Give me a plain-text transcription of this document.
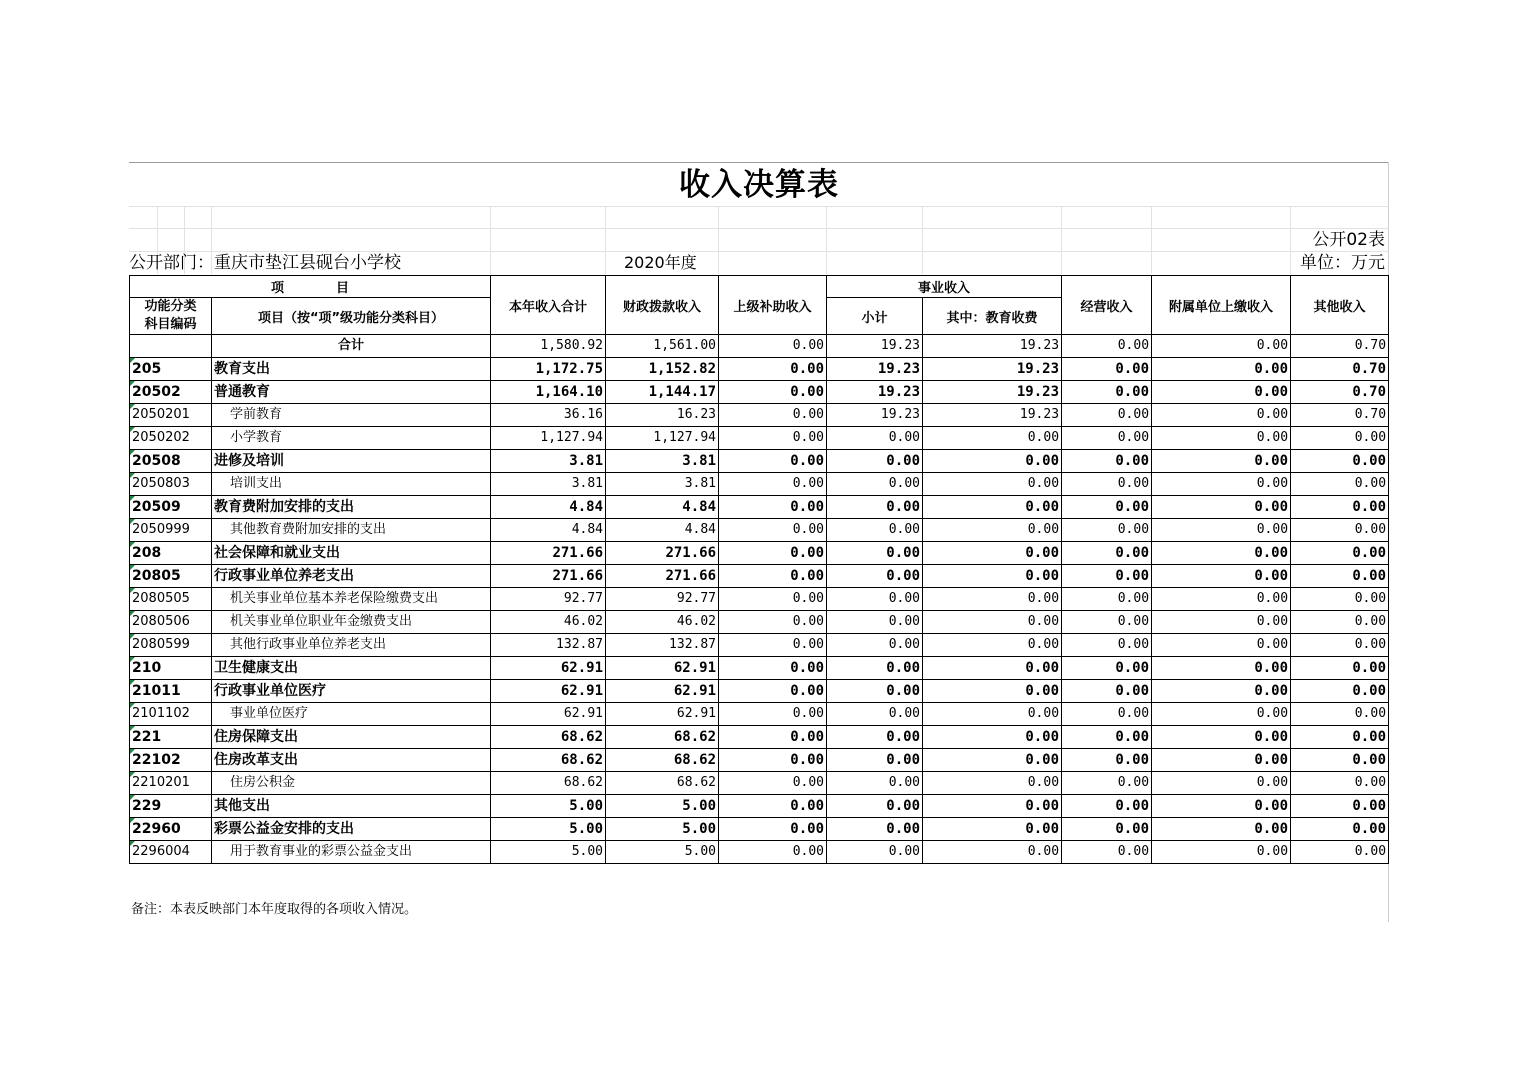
收入决算表
公开02表
公开部门：重庆市垫江县砚台小学校	2020年度	单位：万元
项　　　　目		本年收入合计	财政拨款收入	上级补助收入	事业收入		经营收入	附属单位上缴收入	其他收入
功能分类
科目编码	项目（按“项”级功能分类科目）								
					小计	其中：教育收费			

	合计	1,580.92	1,561.00	0.00	19.23	19.23	0.00	0.00	0.70
205	教育支出	1,172.75	1,152.82	0.00	19.23	19.23	0.00	0.00	0.70
20502	普通教育	1,164.10	1,144.17	0.00	19.23	19.23	0.00	0.00	0.70
2050201	学前教育	36.16	16.23	0.00	19.23	19.23	0.00	0.00	0.70
2050202	小学教育	1,127.94	1,127.94	0.00	0.00	0.00	0.00	0.00	0.00
20508	进修及培训	3.81	3.81	0.00	0.00	0.00	0.00	0.00	0.00
2050803	培训支出	3.81	3.81	0.00	0.00	0.00	0.00	0.00	0.00
20509	教育费附加安排的支出	4.84	4.84	0.00	0.00	0.00	0.00	0.00	0.00
2050999	其他教育费附加安排的支出	4.84	4.84	0.00	0.00	0.00	0.00	0.00	0.00
208	社会保障和就业支出	271.66	271.66	0.00	0.00	0.00	0.00	0.00	0.00
20805	行政事业单位养老支出	271.66	271.66	0.00	0.00	0.00	0.00	0.00	0.00
2080505	机关事业单位基本养老保险缴费支出	92.77	92.77	0.00	0.00	0.00	0.00	0.00	0.00
2080506	机关事业单位职业年金缴费支出	46.02	46.02	0.00	0.00	0.00	0.00	0.00	0.00
2080599	其他行政事业单位养老支出	132.87	132.87	0.00	0.00	0.00	0.00	0.00	0.00
210	卫生健康支出	62.91	62.91	0.00	0.00	0.00	0.00	0.00	0.00
21011	行政事业单位医疗	62.91	62.91	0.00	0.00	0.00	0.00	0.00	0.00
2101102	事业单位医疗	62.91	62.91	0.00	0.00	0.00	0.00	0.00	0.00
221	住房保障支出	68.62	68.62	0.00	0.00	0.00	0.00	0.00	0.00
22102	住房改革支出	68.62	68.62	0.00	0.00	0.00	0.00	0.00	0.00
2210201	住房公积金	68.62	68.62	0.00	0.00	0.00	0.00	0.00	0.00
229	其他支出	5.00	5.00	0.00	0.00	0.00	0.00	0.00	0.00
22960	彩票公益金安排的支出	5.00	5.00	0.00	0.00	0.00	0.00	0.00	0.00
2296004	用于教育事业的彩票公益金支出	5.00	5.00	0.00	0.00	0.00	0.00	0.00	0.00
备注：本表反映部门本年度取得的各项收入情况。
